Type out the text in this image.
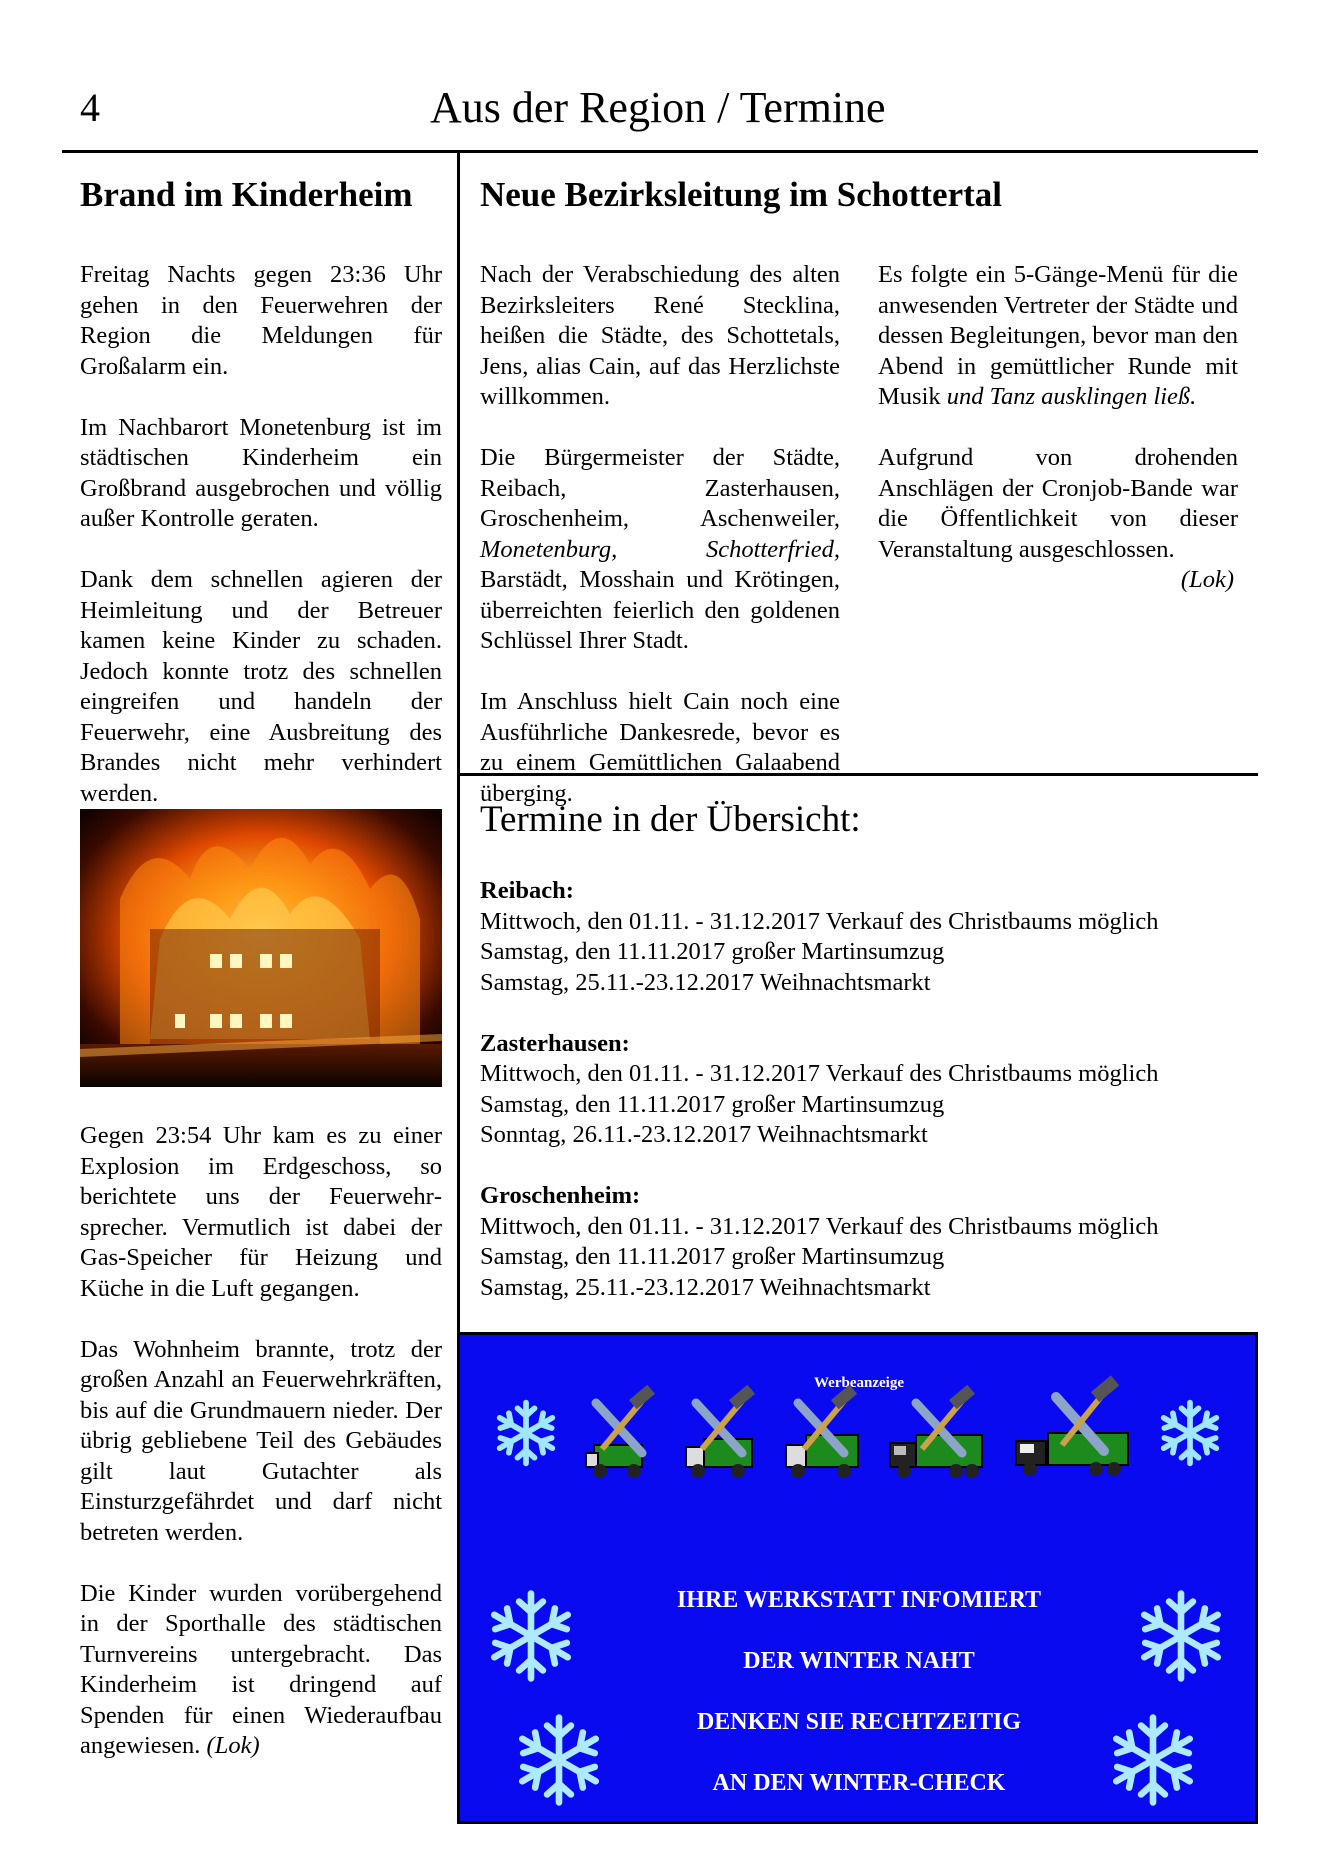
4	Aus der Region / Termine
Brand im Kinderheim

Freitag Nachts gegen 23:36 Uhr gehen in den Feuerwehren der Region die Meldungen für Großalarm ein.

Im Nachbarort Monetenburg ist im städtischen Kinderheim ein Großbrand ausgebrochen und völlig außer Kontrolle geraten.

Dank dem schnellen agieren der Heimleitung und der Betreuer kamen keine Kinder zu schaden. Jedoch konnte trotz des schnellen eingreifen und handeln der Feuerwehr, eine Ausbreitung des Brandes nicht mehr verhindert werden.

Gegen 23:54 Uhr kam es zu einer Explosion im Erdgeschoss, so berichtete uns der Feuerwehrsprecher. Vermutlich ist dabei der Gas-Speicher für Heizung und Küche in die Luft gegangen.

Das Wohnheim brannte, trotz der großen Anzahl an Feuerwehrkräften, bis auf die Grundmauern nieder. Der übrig gebliebene Teil des Gebäudes gilt laut Gutachter als Einsturzgefährdet und darf nicht betreten werden.

Die Kinder wurden vorübergehend in der Sporthalle des städtischen Turnvereins untergebracht. Das Kinderheim ist dringend auf Spenden für einen Wiederaufbau angewiesen. (Lok)

Neue Bezirksleitung im Schottertal

Nach der Verabschiedung des alten Bezirksleiters René Stecklina, heißen die Städte, des Schottetals, Jens, alias Cain, auf das Herzlichste willkommen.

Die Bürgermeister der Städte, Reibach, Zasterhausen, Groschenheim, Aschenweiler, Monetenburg, Schotterfried, Barstädt, Mosshain und Krötingen, überreichten feierlich den goldenen Schlüssel Ihrer Stadt.

Im Anschluss hielt Cain noch eine Ausführliche Dankesrede, bevor es zu einem Gemüttlichen Galaabend überging.

Es folgte ein 5-Gänge-Menü für die anwesenden Vertreter der Städte und dessen Begleitungen, bevor man den Abend in gemüttlicher Runde mit Musik und Tanz ausklingen ließ.

Aufgrund von drohenden Anschlägen der Cronjob-Bande war die Öffentlichkeit von dieser Veranstaltung ausgeschlossen.

(Lok)

Termine in der Übersicht:
Reibach:
Mittwoch, den 01.11. - 31.12.2017 Verkauf des Christbaums möglich
Samstag, den 11.11.2017 großer Martinsumzug
Samstag, 25.11.-23.12.2017 Weihnachtsmarkt
Zasterhausen:
Mittwoch, den 01.11. - 31.12.2017 Verkauf des Christbaums möglich
Samstag, den 11.11.2017 großer Martinsumzug
Sonntag, 26.11.-23.12.2017 Weihnachtsmarkt
Groschenheim:
Mittwoch, den 01.11. - 31.12.2017 Verkauf des Christbaums möglich
Samstag, den 11.11.2017 großer Martinsumzug
Samstag, 25.11.-23.12.2017 Weihnachtsmarkt
Werbeanzeige
IHRE WERKSTATT INFOMIERT
DER WINTER NAHT
DENKEN SIE RECHTZEITIG
AN DEN WINTER-CHECK
